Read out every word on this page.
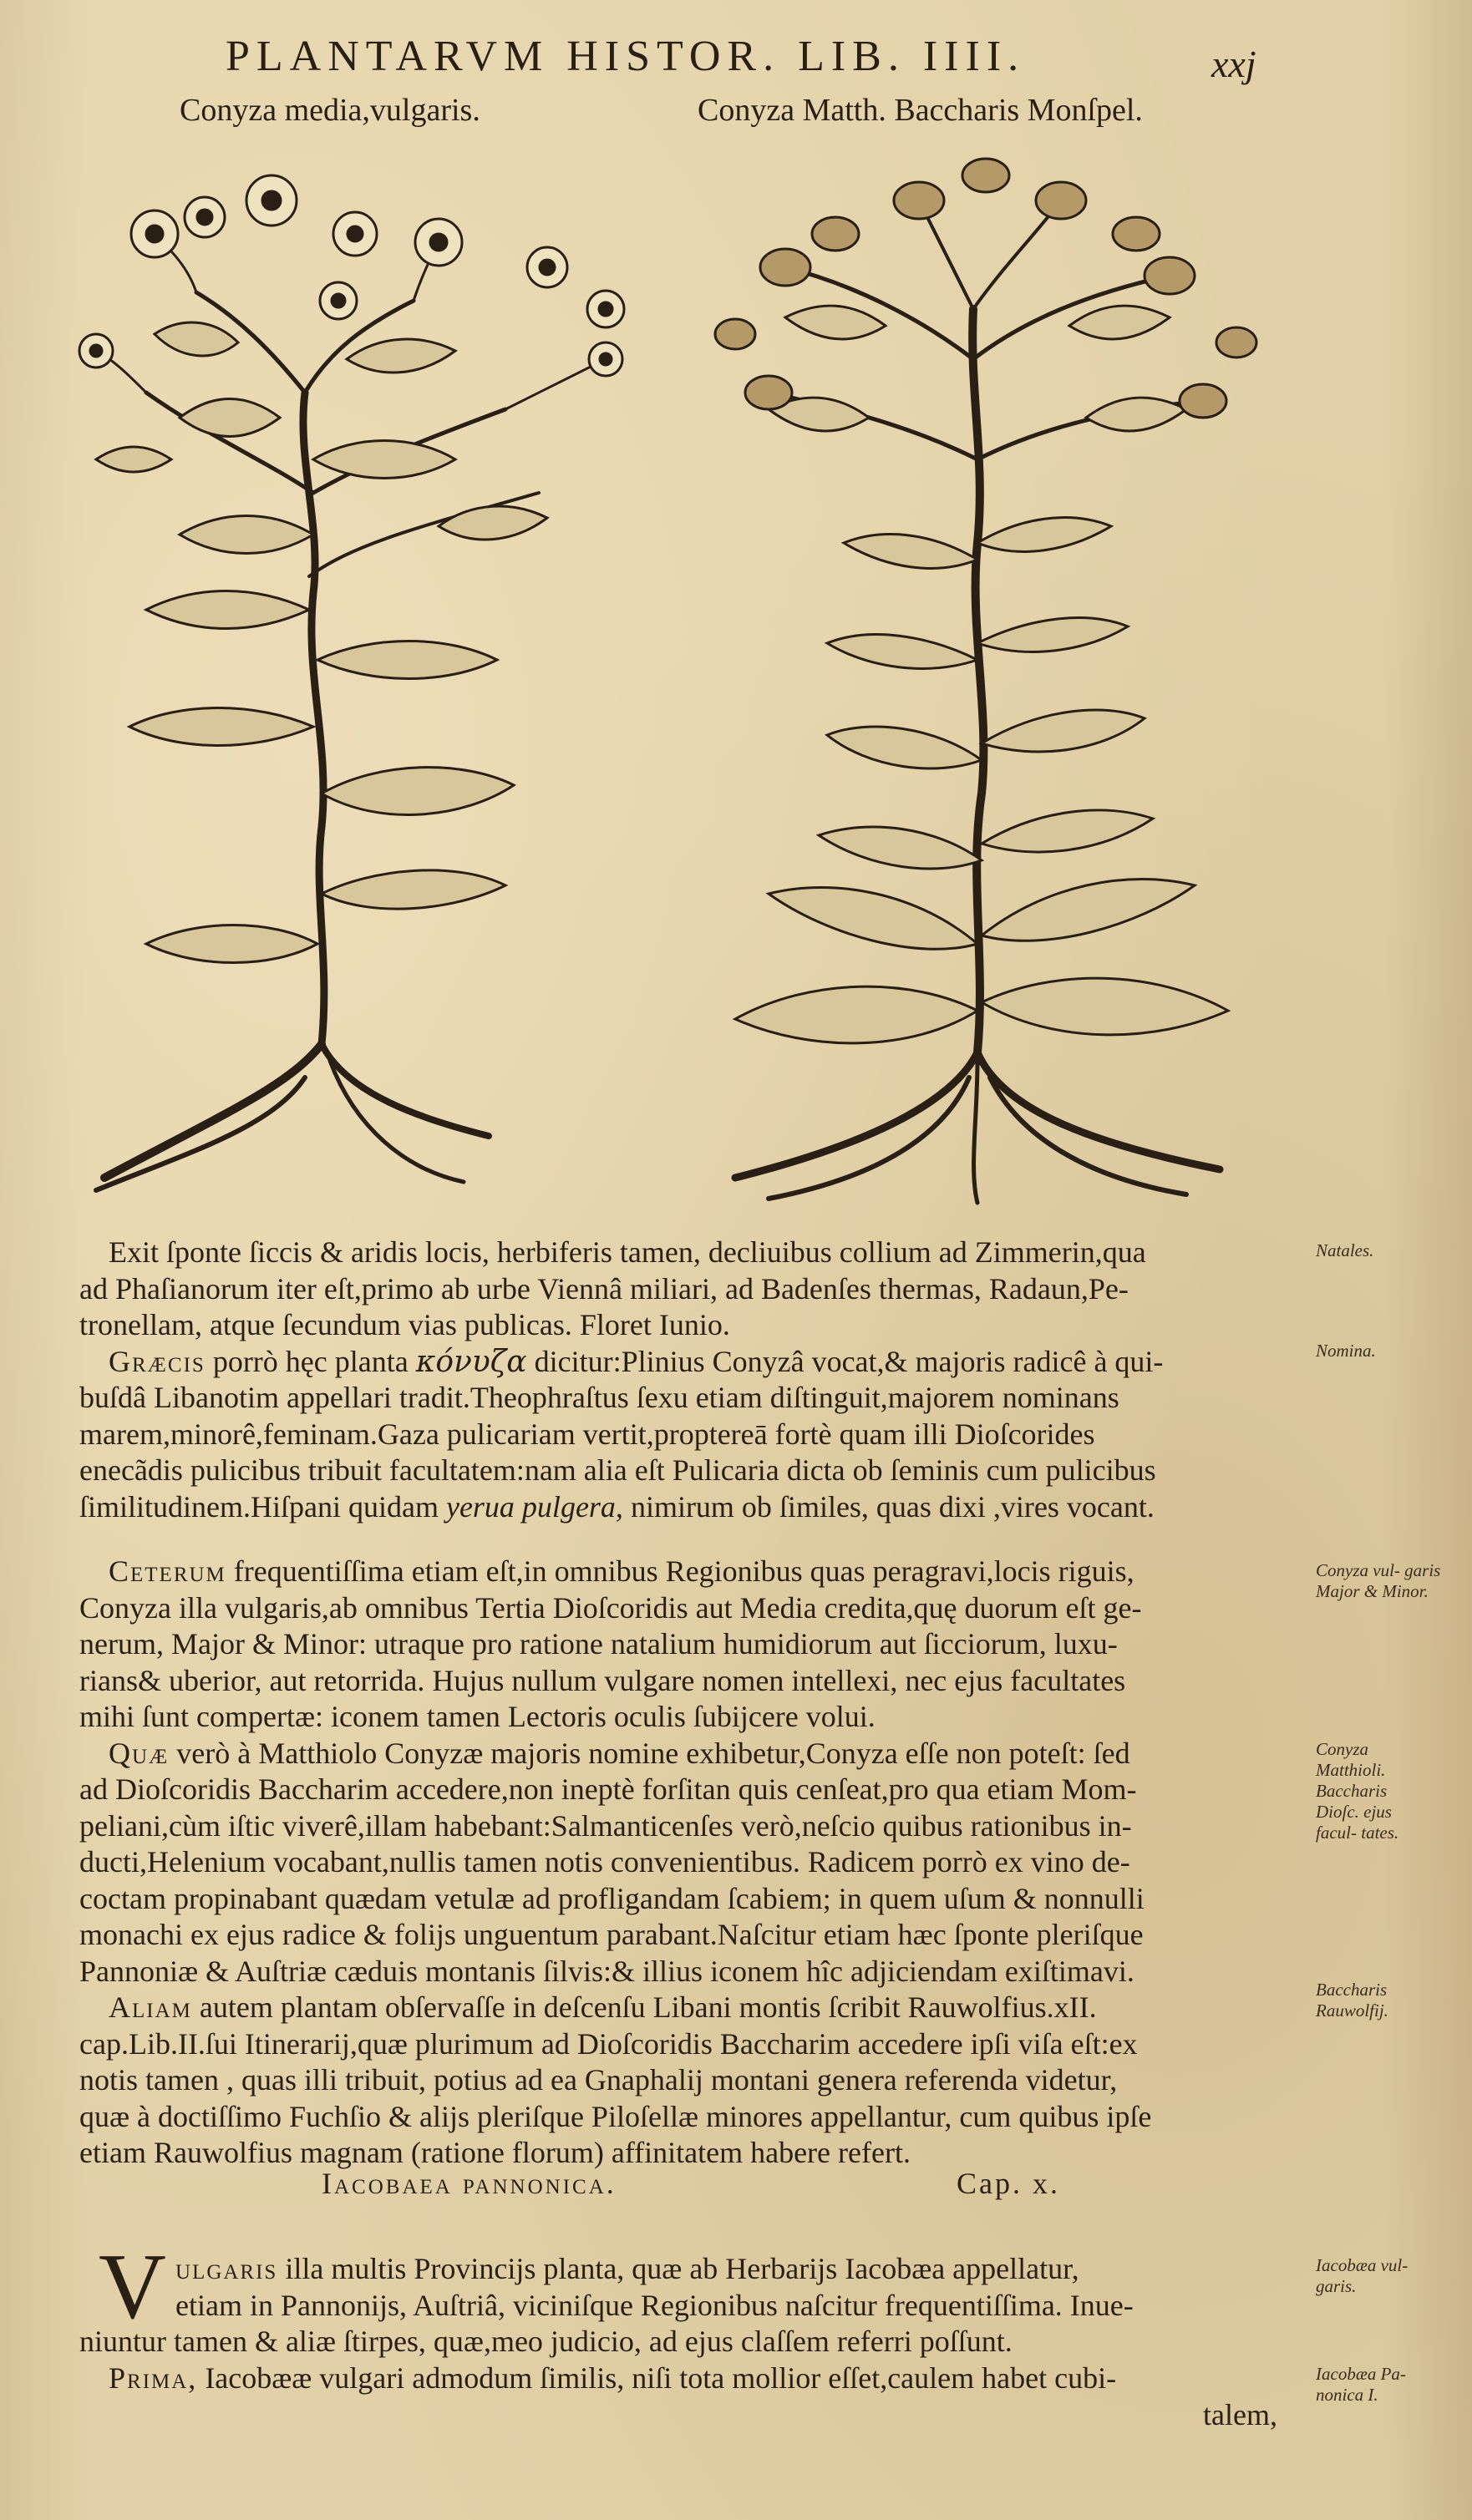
PLANTARVM HISTOR. LIB. IIII.	xxj
Conyza media,vulgaris.	Conyza Matth. Baccharis Monſpel.

Exit ſponte ſiccis & aridis locis, herbiferis tamen, decliuibus collium ad Zimmerin,qua
ad Phaſianorum iter eſt,primo ab urbe Viennâ miliari, ad Badenſes thermas, Radaun,Pe-
tronellam, atque ſecundum vias publicas. Floret Iunio.

Græcis porrò hęc planta κόνυζα dicitur:Plinius Conyzâ vocat,& majoris radicê à qui-
buſdâ Libanotim appellari tradit.Theophraſtus ſexu etiam diſtinguit,majorem nominans
marem,minorê,feminam.Gaza pulicariam vertit,proptereā fortè quam illi Dioſcorides
enecãdis pulicibus tribuit facultatem:nam alia eſt Pulicaria dicta ob ſeminis cum pulicibus
ſimilitudinem.Hiſpani quidam yerua pulgera, nimirum ob ſimiles, quas dixi ,vires vocant.

Ceterum frequentiſſima etiam eſt,in omnibus Regionibus quas peragravi,locis riguis,
Conyza illa vulgaris,ab omnibus Tertia Dioſcoridis aut Media credita,quę duorum eſt ge-
nerum, Major & Minor: utraque pro ratione natalium humidiorum aut ſicciorum, luxu-
rians& uberior, aut retorrida. Hujus nullum vulgare nomen intellexi, nec ejus facultates
mihi ſunt compertæ: iconem tamen Lectoris oculis ſubijcere volui.

Quæ verò à Matthiolo Conyzæ majoris nomine exhibetur,Conyza eſſe non poteſt: ſed
ad Dioſcoridis Baccharim accedere,non ineptè forſitan quis cenſeat,pro qua etiam Mom-
peliani,cùm iſtic viverê,illam habebant:Salmanticenſes verò,neſcio quibus rationibus in-
ducti,Helenium vocabant,nullis tamen notis convenientibus. Radicem porrò ex vino de-
coctam propinabant quædam vetulæ ad profligandam ſcabiem; in quem uſum & nonnulli
monachi ex ejus radice & folijs unguentum parabant.Naſcitur etiam hæc ſponte pleriſque
Pannoniæ & Auſtriæ cæduis montanis ſilvis:& illius iconem hîc adjiciendam exiſtimavi.

Aliam autem plantam obſervaſſe in deſcenſu Libani montis ſcribit Rauwolfius.xII.
cap.Lib.II.ſui Itinerarij,quæ plurimum ad Dioſcoridis Baccharim accedere ipſi viſa eſt:ex
notis tamen , quas illi tribuit, potius ad ea Gnaphalij montani genera referenda videtur,
quæ à doctiſſimo Fuchſio & alijs pleriſque Piloſellæ minores appellantur, cum quibus ipſe
etiam Rauwolfius magnam (ratione florum) affinitatem habere refert.

Iacobaea pannonica.	Cap. x.
V ulgaris illa multis Provincijs planta, quæ ab Herbarijs Iacobæa appellatur,
etiam in Pannonijs, Auſtriâ, viciniſque Regionibus naſcitur frequentiſſima. Inue-

niuntur tamen & aliæ ſtirpes, quæ,meo judicio, ad ejus claſſem referri poſſunt.

Prima, Iacobææ vulgari admodum ſimilis, niſi tota mollior eſſet,caulem habet cubi-

talem,
Natales.
Nomina.
Conyza vul- garis Major & Minor.
Conyza Matthioli. Baccharis Dioſc. ejus facul- tates.
Baccharis Rauwolfij.
Iacobæa vul- garis.
Iacobæa Pa- nonica I.
